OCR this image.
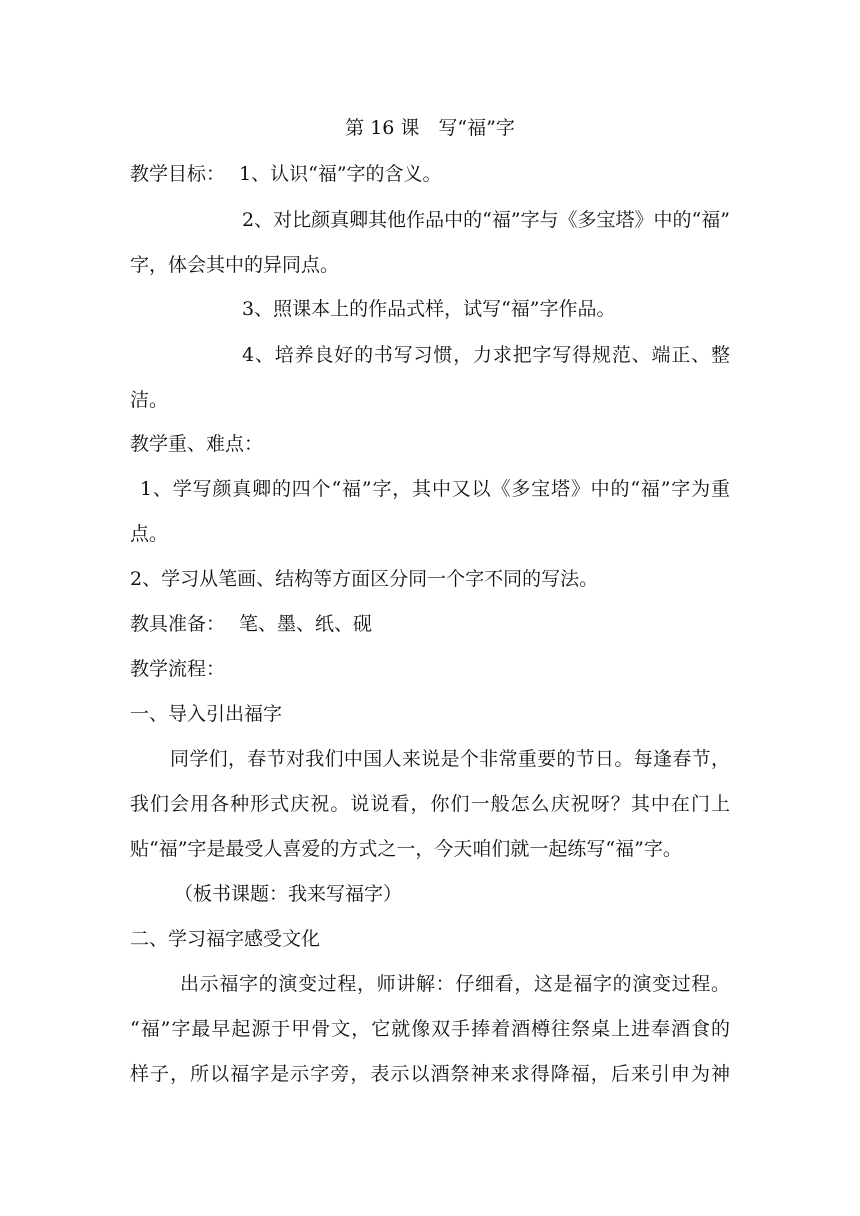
第 16 课　写“福”字
教学目标： 1、认识“福”字的含义。
2、对比颜真卿其他作品中的“福”字与《多宝塔》中的“福”
字，体会其中的异同点。
3、照课本上的作品式样，试写“福”字作品。
4、培养良好的书写习惯，力求把字写得规范、端正、整
洁。
教学重、难点：
1、学写颜真卿的四个“福”字，其中又以《多宝塔》中的“福”字为重
点。
2、学习从笔画、结构等方面区分同一个字不同的写法。
教具准备： 笔、墨、纸、砚
教学流程：
一、导入引出福字
同学们，春节对我们中国人来说是个非常重要的节日。每逢春节，
我们会用各种形式庆祝。说说看，你们一般怎么庆祝呀？其中在门上
贴“福”字是最受人喜爱的方式之一，今天咱们就一起练写“福”字。
（板书课题：我来写福字）
二、学习福字感受文化
出示福字的演变过程，师讲解：仔细看，这是福字的演变过程。
“福”字最早起源于甲骨文，它就像双手捧着酒樽往祭桌上进奉酒食的
样子，所以福字是示字旁，表示以酒祭神来求得降福，后来引申为神
